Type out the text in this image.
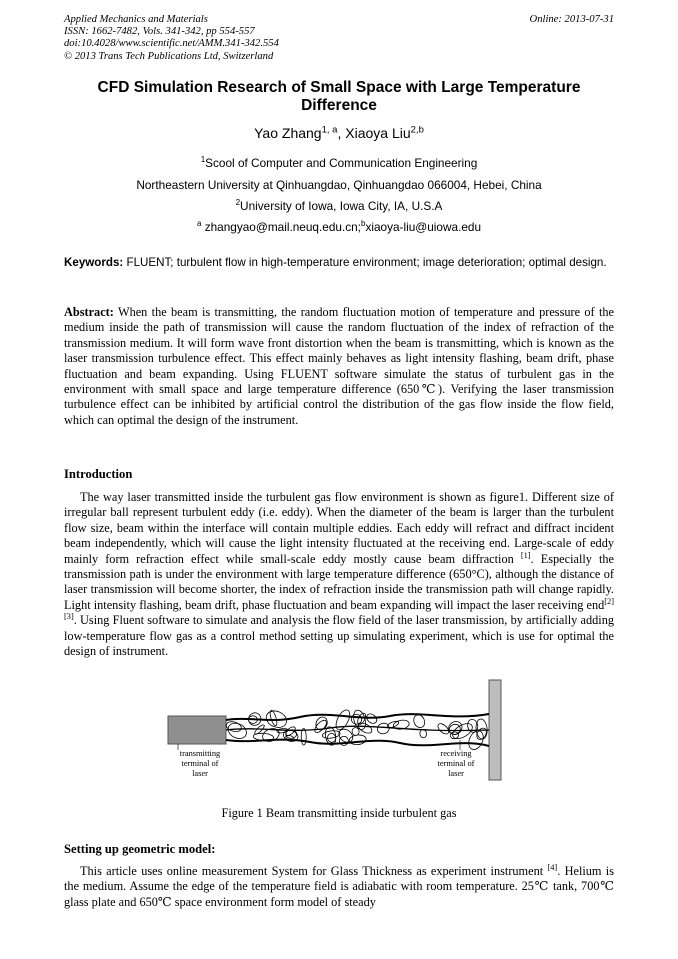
Applied Mechanics and Materials
ISSN: 1662-7482, Vols. 341-342, pp 554-557
doi:10.4028/www.scientific.net/AMM.341-342.554
© 2013 Trans Tech Publications Ltd, Switzerland
Online: 2013-07-31
CFD Simulation Research of Small Space with Large Temperature
Difference
Yao Zhang$^{1, a}$, Xiaoya Liu$^{2,b}$
$^1$Scool of Computer and Communication Engineering
Northeastern University at Qinhuangdao, Qinhuangdao 066004, Hebei, China
$^2$University of Iowa, Iowa City, IA, U.S.A
$^a$ zhangyao@mail.neuq.edu.cn;$^b$xiaoya-liu@uiowa.edu
Keywords: FLUENT; turbulent flow in high-temperature environment; image deterioration; optimal design.
Abstract: When the beam is transmitting, the random fluctuation motion of temperature and pressure of the medium inside the path of transmission will cause the random fluctuation of the index of refraction of the transmission medium. It will form wave front distortion when the beam is transmitting, which is known as the laser transmission turbulence effect. This effect mainly behaves as light intensity flashing, beam drift, phase fluctuation and beam expanding. Using FLUENT software simulate the status of turbulent gas in the environment with small space and large temperature difference (650℃). Verifying the laser transmission turbulence effect can be inhibited by artificial control the distribution of the gas flow inside the flow field, which can optimal the design of the instrument.
Introduction
The way laser transmitted inside the turbulent gas flow environment is shown as figure1. Different size of irregular ball represent turbulent eddy (i.e. eddy). When the diameter of the beam is larger than the turbulent flow size, beam within the interface will contain multiple eddies. Each eddy will refract and diffract incident beam independently, which will cause the light intensity fluctuated at the receiving end. Large-scale of eddy mainly form refraction effect while small-scale eddy mostly cause beam diffraction [1]. Especially the transmission path is under the environment with large temperature difference (650°C), although the distance of laser transmission will become shorter, the index of refraction inside the transmission path will change rapidly. Light intensity flashing, beam drift, phase fluctuation and beam expanding will impact the laser receiving end[2] [3]. Using Fluent software to simulate and analysis the flow field of the laser transmission, by artificially adding low-temperature flow gas as a control method setting up simulating experiment, which is use for optimal the design of instrument.
transmitting
terminal of
laser
receiving
terminal of
laser
Figure 1 Beam transmitting inside turbulent gas
Setting up geometric model:
This article uses online measurement System for Glass Thickness as experiment instrument [4]. Helium is the medium. Assume the edge of the temperature field is adiabatic with room temperature. 25℃ tank, 700℃ glass plate and 650℃ space environment form model of steady
